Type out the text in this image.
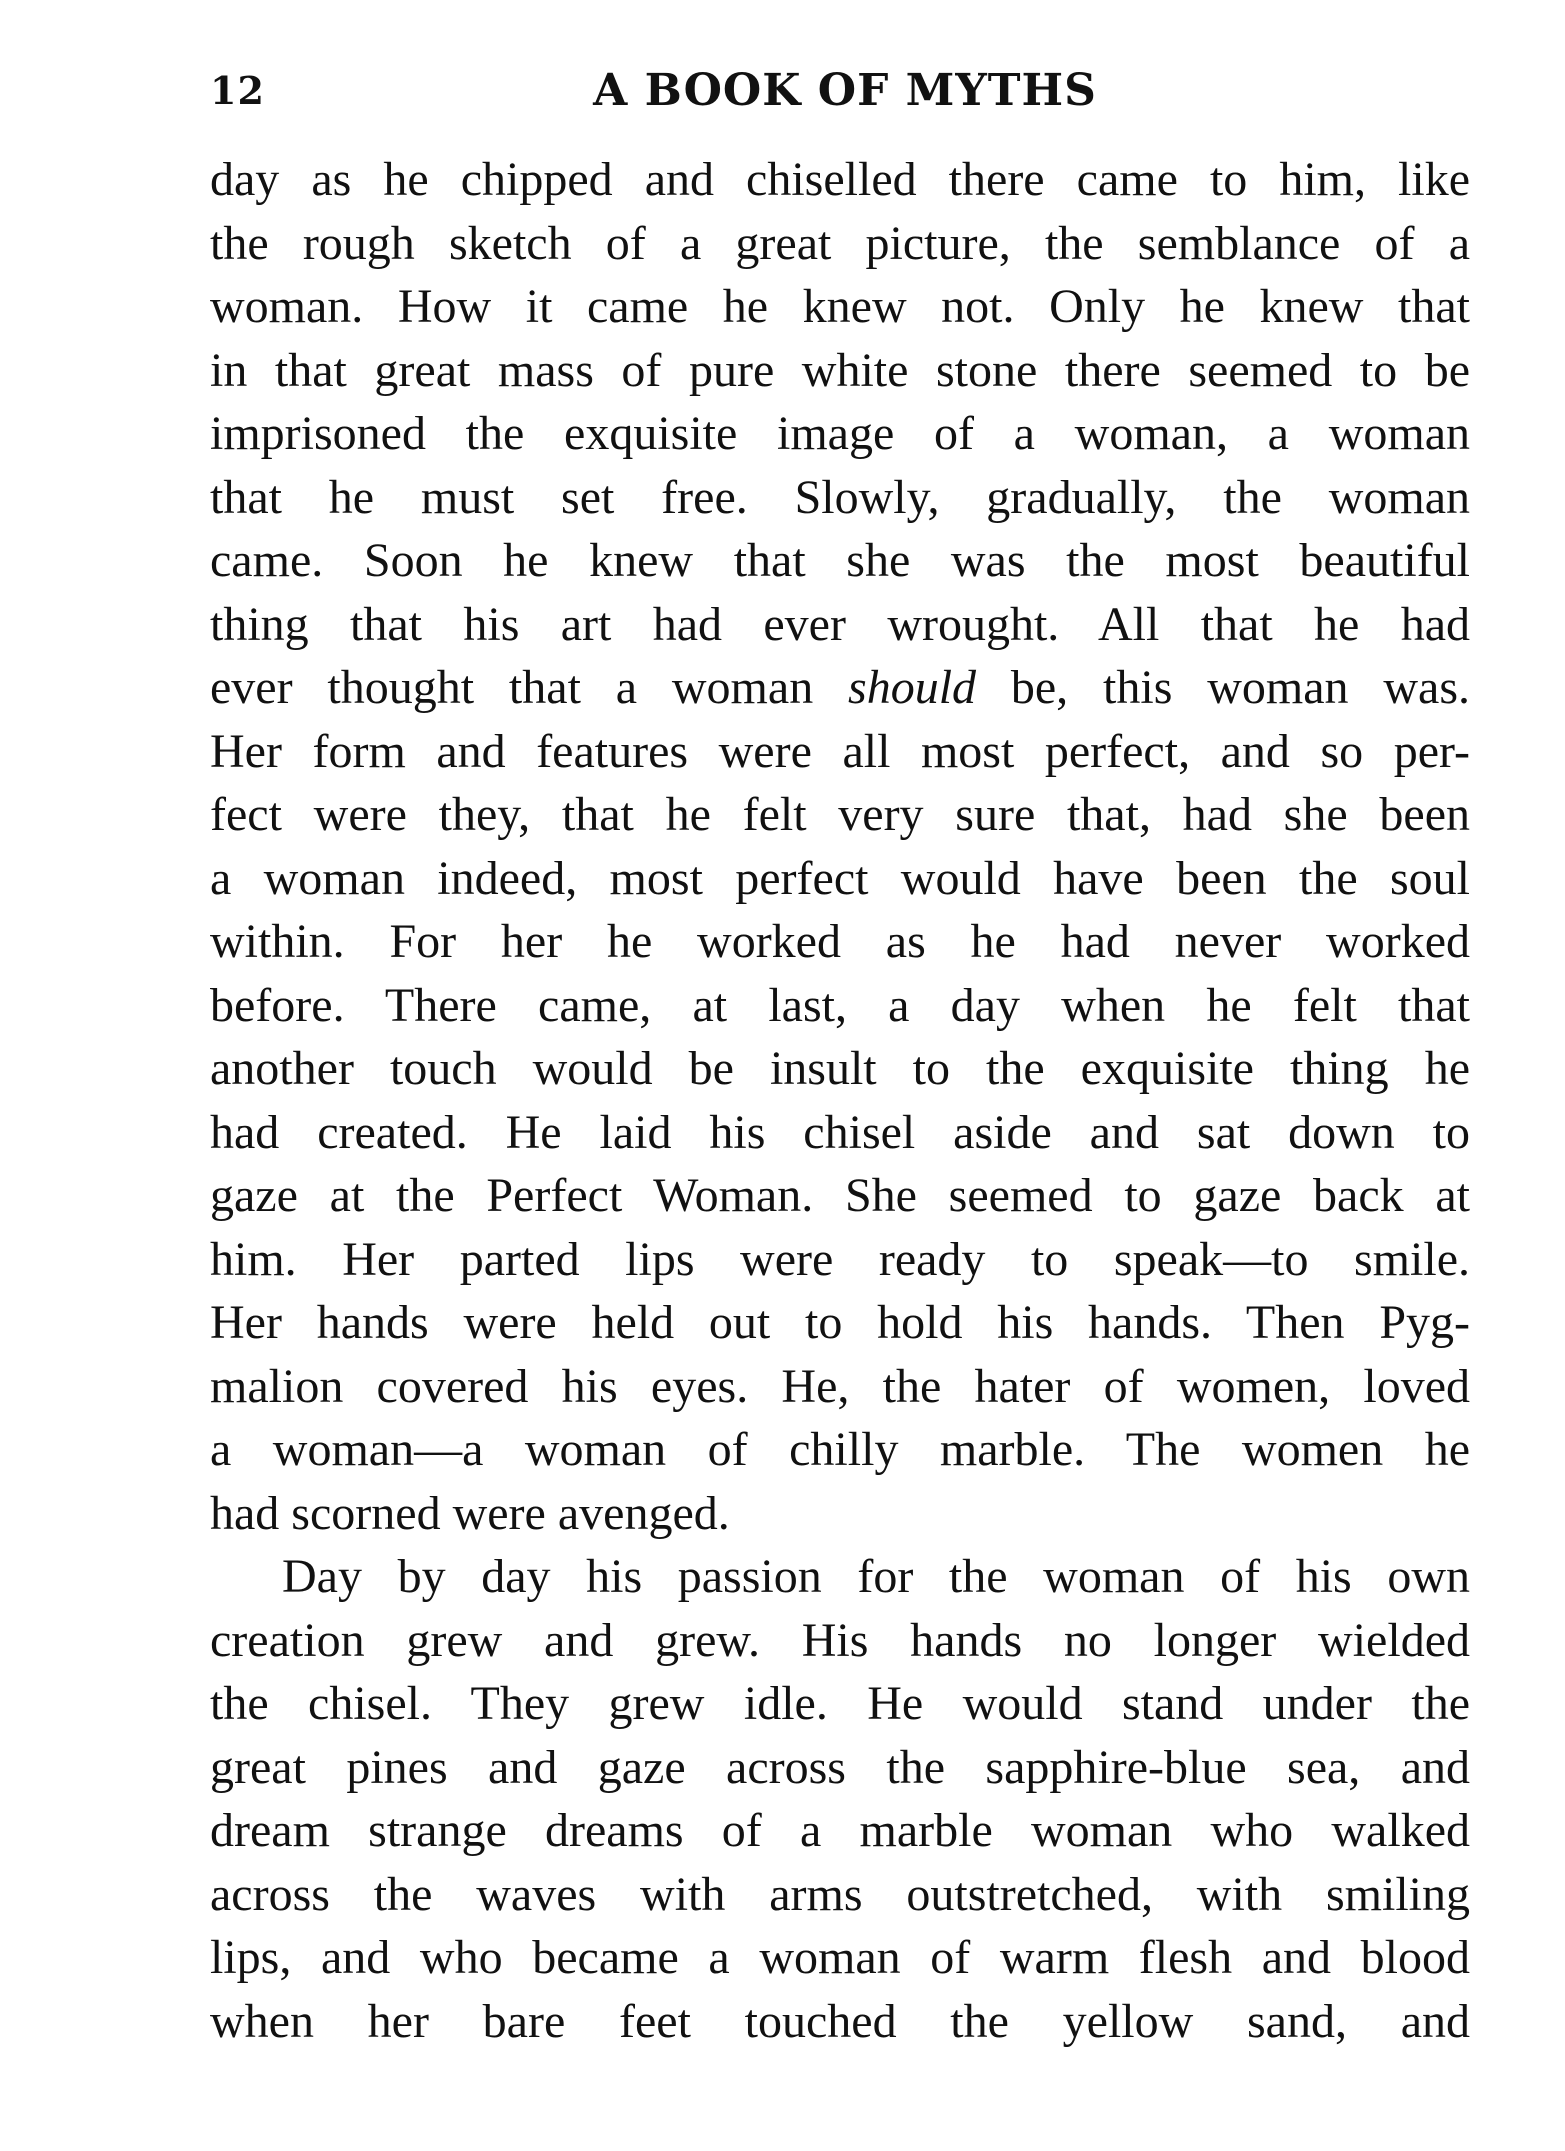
12	A BOOK OF MYTHS
day as he chipped and chiselled there came to him, like
the rough sketch of a great picture, the semblance of a
woman. How it came he knew not. Only he knew that
in that great mass of pure white stone there seemed to be
imprisoned the exquisite image of a woman, a woman
that he must set free. Slowly, gradually, the woman
came. Soon he knew that she was the most beautiful
thing that his art had ever wrought. All that he had
ever thought that a woman should be, this woman was.
Her form and features were all most perfect, and so per-
fect were they, that he felt very sure that, had she been
a woman indeed, most perfect would have been the soul
within. For her he worked as he had never worked
before. There came, at last, a day when he felt that
another touch would be insult to the exquisite thing he
had created. He laid his chisel aside and sat down to
gaze at the Perfect Woman. She seemed to gaze back at
him. Her parted lips were ready to speak—to smile.
Her hands were held out to hold his hands. Then Pyg-
malion covered his eyes. He, the hater of women, loved
a woman—a woman of chilly marble. The women he
had scorned were avenged.
Day by day his passion for the woman of his own
creation grew and grew. His hands no longer wielded
the chisel. They grew idle. He would stand under the
great pines and gaze across the sapphire-blue sea, and
dream strange dreams of a marble woman who walked
across the waves with arms outstretched, with smiling
lips, and who became a woman of warm flesh and blood
when her bare feet touched the yellow sand, and
